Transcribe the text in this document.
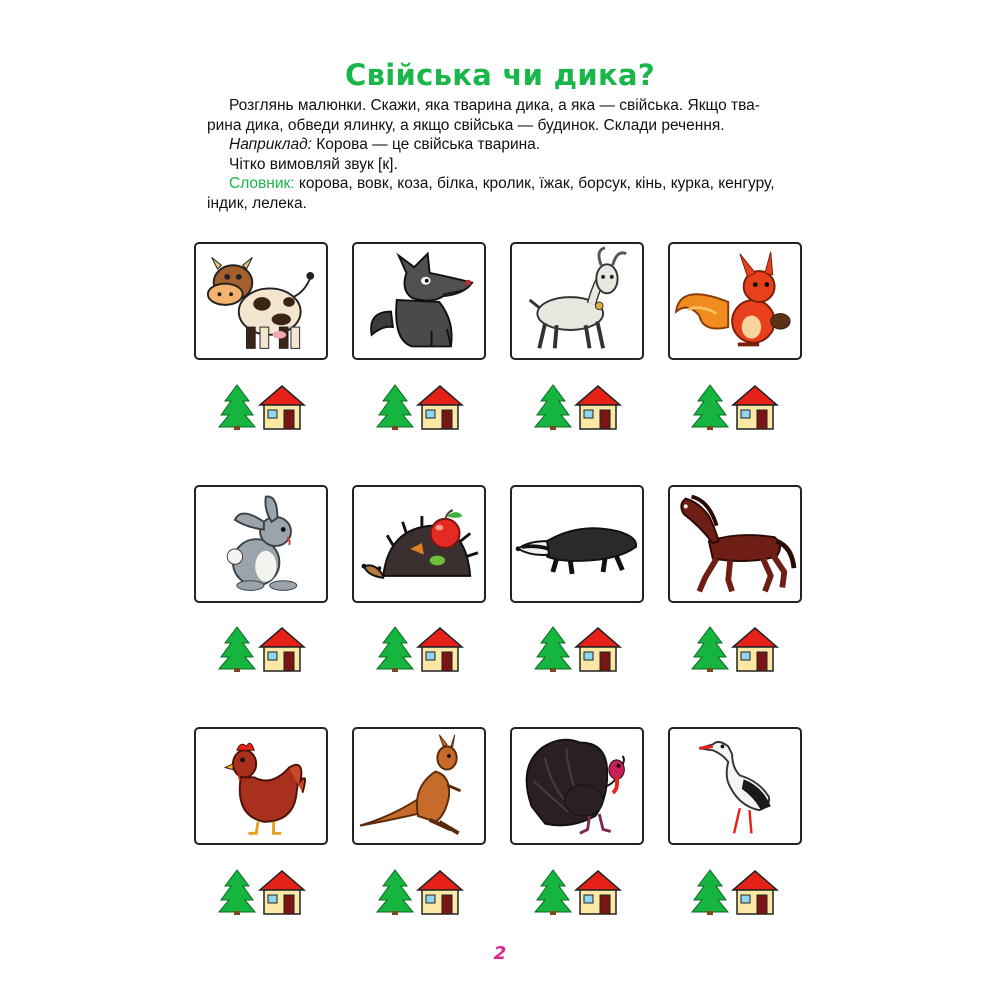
Свійська чи дика?

Розглянь малюнки. Скажи, яка тварина дика, а яка — свійська. Якщо тва-

рина дика, обведи ялинку, а якщо свійська — будинок. Склади речення.

Наприклад: Корова — це свійська тварина.

Чітко вимовляй звук [к].

Словник: корова, вовк, коза, білка, кролик, їжак, борсук, кінь, курка, кенгуру,

індик, лелека.

2
